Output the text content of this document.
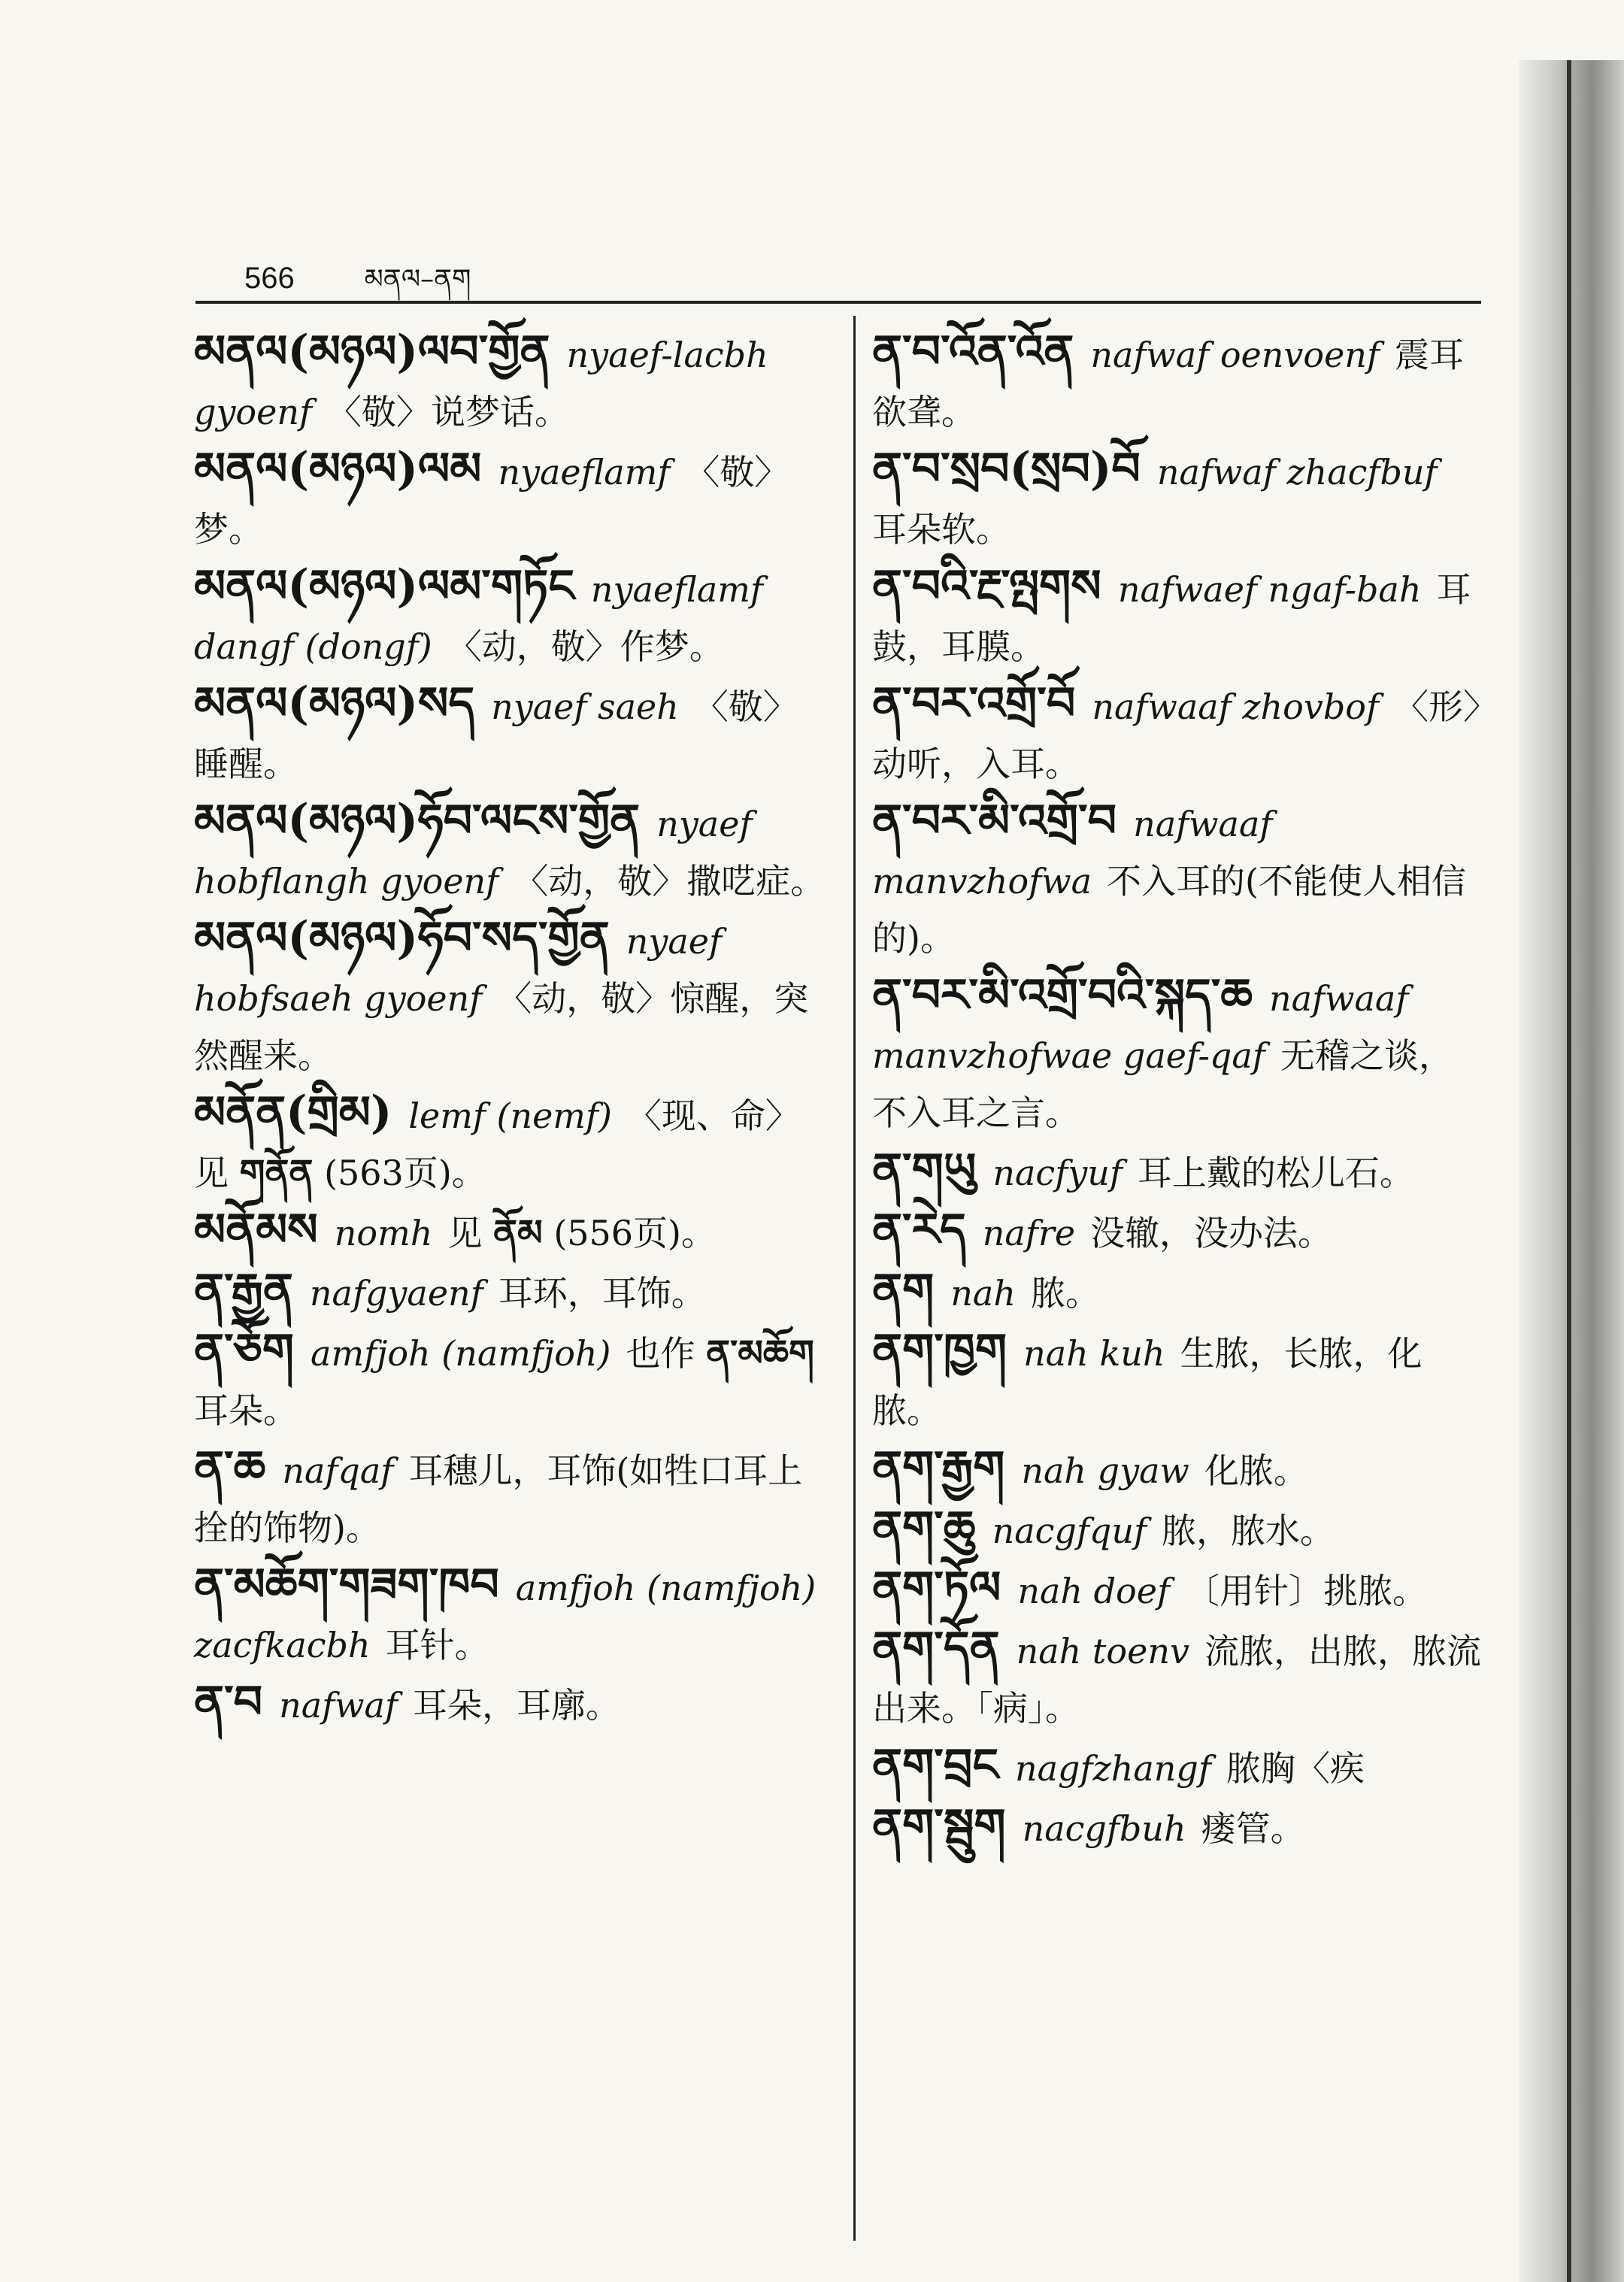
566	མནལ–ནག
མནལ(མཉལ)ལབ་གྱོན nyaef-lacbh gyoenf 〈敬〉说梦话。
མནལ(མཉལ)ལམ nyaeflamf 〈敬〉梦。
མནལ(མཉལ)ལམ་གཏོང nyaeflamf dangf (dongf) 〈动，敬〉作梦。
མནལ(མཉལ)སད nyaef saeh 〈敬〉睡醒。
མནལ(མཉལ)ཧོབ་ལངས་གྱོན nyaef hobflangh gyoenf 〈动，敬〉撒呓症。
མནལ(མཉལ)ཧོབ་སད་གྱོན nyaef hobfsaeh gyoenf 〈动，敬〉惊醒，突然醒来。
མནོན(གྲིམ) lemf (nemf) 〈现、命〉见 གནོན (563页)。
མནོམས nomh 见 ནོམ (556页)。
ན་རྒྱན nafgyaenf 耳环，耳饰。
ན་ཅོག amfjoh (namfjoh) 也作 ན་མཆོག 耳朵。
ན་ཆ nafqaf 耳穗儿，耳饰(如牲口耳上拴的饰物)。
ན་མཆོག་གཟག་ཁབ amfjoh (namfjoh) zacfkacbh 耳针。
ན་བ nafwaf 耳朵，耳廓。
ན་བ་འོན་འོན nafwaf oenvoenf 震耳欲聋。
ན་བ་སྲབ(སྲབ)བོ nafwaf zhacfbuf耳朵软。
ན་བའི་རྔ་ལྤགས nafwaef ngaf-bah 耳鼓，耳膜。
ན་བར་འགྲོ་བོ nafwaaf zhovbof 〈形〉动听，入耳。
ན་བར་མི་འགྲོ་བ nafwaaf manvzhofwa 不入耳的(不能使人相信的)。
ན་བར་མི་འགྲོ་བའི་སྐད་ཆ nafwaaf manvzhofwae gaef-qaf 无稽之谈，不入耳之言。
ན་གཡུ nacfyuf 耳上戴的松儿石。
ན་རེད nafre 没辙，没办法。
ནག nah 脓。
ནག་ཁྱག nah kuh 生脓，长脓，化脓。
ནག་རྒྱག nah gyaw 化脓。
ནག་ཆུ nacgfquf 脓，脓水。
ནག་ཏོལ nah doef 〔用针〕挑脓。
ནག་དོན nah toenv 流脓，出脓，脓流出来。「病」。
ནག་བྲང nagfzhangf 脓胸〈疾
ནག་སྦུག nacgfbuh 瘘管。
